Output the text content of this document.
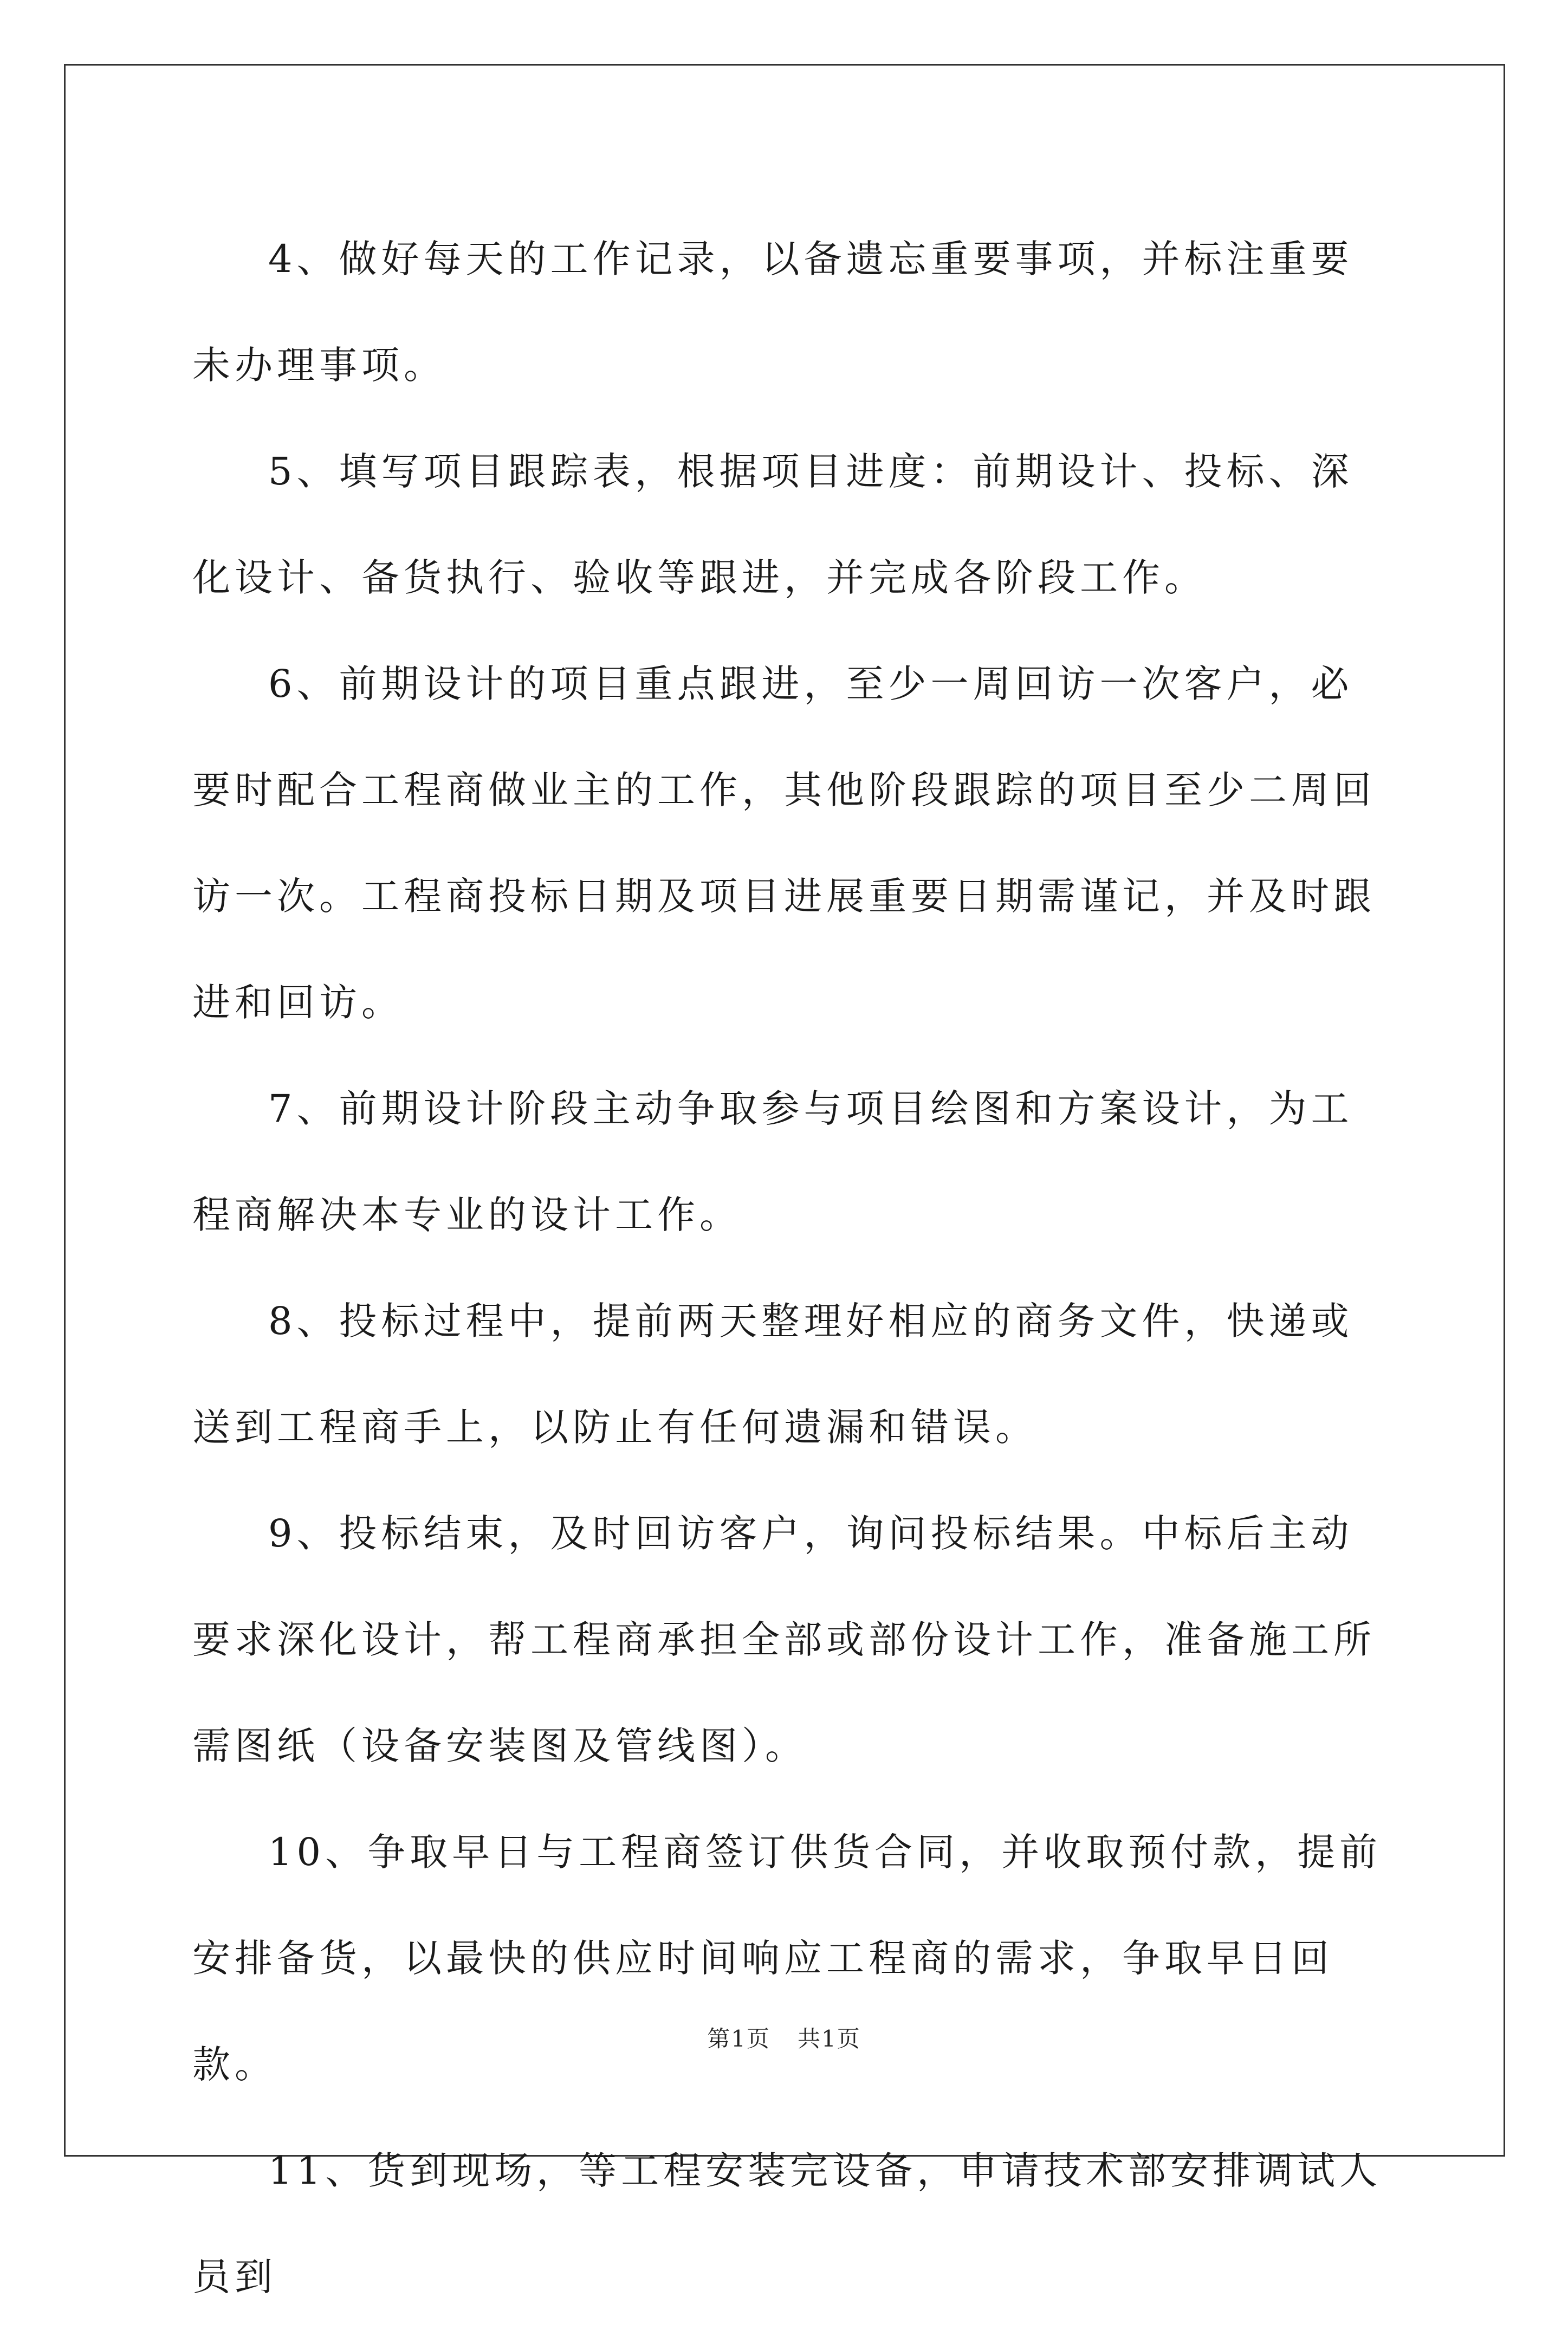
4、做好每天的工作记录，以备遗忘重要事项，并标注重要未办理事项。

5、填写项目跟踪表，根据项目进度：前期设计、投标、深化设计、备货执行、验收等跟进，并完成各阶段工作。

6、前期设计的项目重点跟进，至少一周回访一次客户，必要时配合工程商做业主的工作，其他阶段跟踪的项目至少二周回访一次。工程商投标日期及项目进展重要日期需谨记，并及时跟进和回访。

7、前期设计阶段主动争取参与项目绘图和方案设计，为工程商解决本专业的设计工作。

8、投标过程中，提前两天整理好相应的商务文件，快递或送到工程商手上，以防止有任何遗漏和错误。

9、投标结束，及时回访客户，询问投标结果。中标后主动要求深化设计，帮工程商承担全部或部份设计工作，准备施工所需图纸（设备安装图及管线图）。

10、争取早日与工程商签订供货合同，并收取预付款，提前安排备货，以最快的供应时间响应工程商的需求，争取早日回款。

11、货到现场，等工程安装完设备，申请技术部安排调试人员到

第1页 共1页
